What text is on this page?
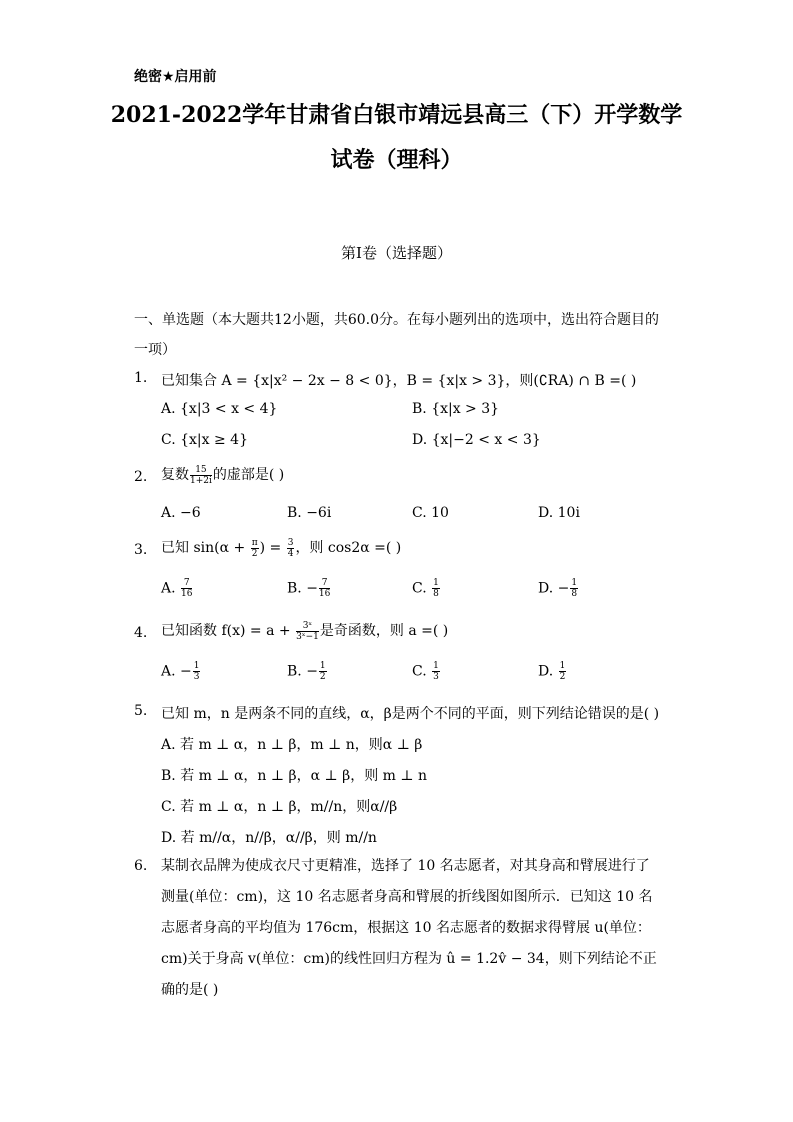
绝密★启用前
2021-2022学年甘肃省白银市靖远县高三（下）开学数学
试卷（理科）
第I卷（选择题）
一、单选题（本大题共12小题，共60.0分。在每小题列出的选项中，选出符合题目的一项）
1. 已知集合 A = {x|x² − 2x − 8 < 0}，B = {x|x > 3}，则(∁RA) ∩ B =( )
A. {x|3 < x < 4}	B. {x|x > 3}
C. {x|x ≥ 4}	D. {x|−2 < x < 3}
2. 复数 $\frac{15}{1+2i}$ 的虚部是( )
A. −6	B. −6i	C. 10	D. 10i
3. 已知 $\sin(\alpha + \frac{\pi}{2}$ ) = $\frac{3}{4}$ ，则 cos2α =( )
A. $\frac{7}{16}$	B. − $\frac{7}{16}$	C. $\frac{1}{8}$	D. − $\frac{1}{8}$
4. 已知函数 $f(x) = a + \frac{\text{3ˣ}}{\text{3ˣ−1}}$ 是奇函数，则 a =( )
A. − $\frac{1}{3}$	B. − $\frac{1}{2}$	C. $\frac{1}{3}$	D. $\frac{1}{2}$
5. 已知 m，n 是两条不同的直线，α，β是两个不同的平面，则下列结论错误的是( )
A. 若 m ⊥ α，n ⊥ β，m ⊥ n，则α ⊥ β
B. 若 m ⊥ α，n ⊥ β，α ⊥ β，则 m ⊥ n
C. 若 m ⊥ α，n ⊥ β，m//n，则α//β
D. 若 m//α，n//β，α//β，则 m//n
6. 某制衣品牌为使成衣尺寸更精准，选择了 10 名志愿者，对其身高和臂展进行了测量(单位：cm)，这 10 名志愿者身高和臂展的折线图如图所示．已知这 10 名志愿者身高的平均值为 176cm，根据这 10 名志愿者的数据求得臂展 u(单位：cm)关于身高 v(单位：cm)的线性回归方程为 û = 1.2v̂ − 34，则下列结论不正确的是( )
